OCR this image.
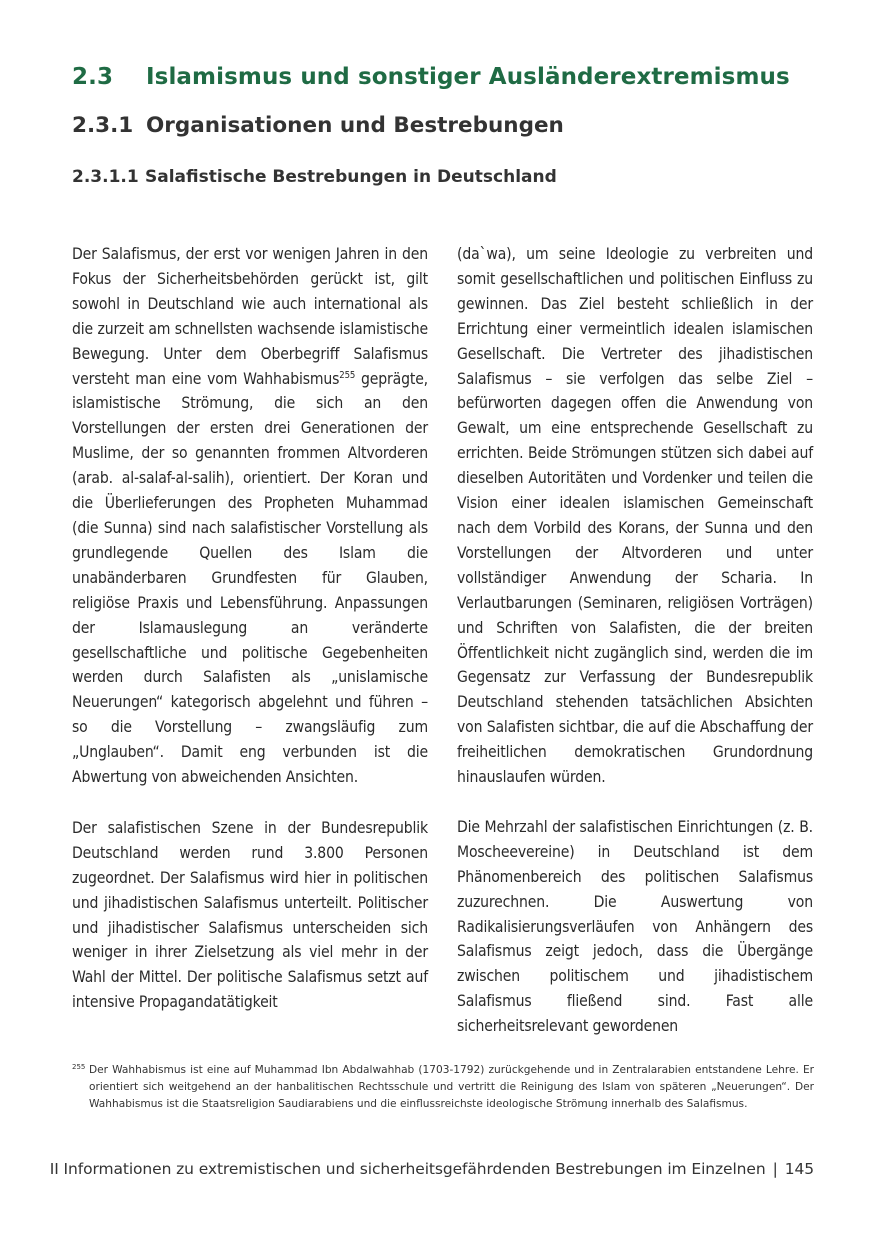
2.3 Islamismus und sonstiger Ausländerextremismus
2.3.1 Organisationen und Bestrebungen
2.3.1.1 Salafistische Bestrebungen in Deutschland

Der Salafismus, der erst vor wenigen Jahren in den Fokus der Sicherheitsbehörden gerückt ist, gilt sowohl in Deutschland wie auch international als die zurzeit am schnellsten wachsende islamistische Bewegung. Unter dem Oberbegriff Salafismus versteht man eine vom Wahhabismus$^{255}$ geprägte, islamistische Strömung, die sich an den Vorstellungen der ersten drei Generationen der Muslime, der so genannten frommen Altvorderen (arab. al-salaf-al-salih), orientiert. Der Koran und die Überlieferungen des Propheten Muhammad (die Sunna) sind nach salafistischer Vorstellung als grundlegende Quellen des Islam die unabänderbaren Grundfesten für Glauben, religiöse Praxis und Lebensführung. Anpassungen der Islamauslegung an veränderte gesellschaftliche und politische Gegebenheiten werden durch Salafisten als „unislamische Neuerungen“ kategorisch abgelehnt und führen – so die Vorstellung – zwangsläufig zum „Unglauben“. Damit eng verbunden ist die Abwertung von abweichenden Ansichten.

Der salafistischen Szene in der Bundesrepublik Deutschland werden rund 3.800 Personen zugeordnet. Der Salafismus wird hier in politischen und jihadistischen Salafismus unterteilt. Politischer und jihadistischer Salafismus unterscheiden sich weniger in ihrer Zielsetzung als viel mehr in der Wahl der Mittel. Der politische Salafismus setzt auf intensive Propagandatätigkeit

(da`wa), um seine Ideologie zu verbreiten und somit gesellschaftlichen und politischen Einfluss zu gewinnen. Das Ziel besteht schließlich in der Errichtung einer vermeintlich idealen islamischen Gesellschaft. Die Vertreter des jihadistischen Salafismus – sie verfolgen das selbe Ziel – befürworten dagegen offen die Anwendung von Gewalt, um eine entsprechende Gesellschaft zu errichten. Beide Strömungen stützen sich dabei auf dieselben Autoritäten und Vordenker und teilen die Vision einer idealen islamischen Gemeinschaft nach dem Vorbild des Korans, der Sunna und den Vorstellungen der Altvorderen und unter vollständiger Anwendung der Scharia. In Verlautbarungen (Seminaren, religiösen Vorträgen) und Schriften von Salafisten, die der breiten Öffentlichkeit nicht zugänglich sind, werden die im Gegensatz zur Verfassung der Bundesrepublik Deutschland stehenden tatsächlichen Absichten von Salafisten sichtbar, die auf die Abschaffung der freiheitlichen demokratischen Grundordnung hinauslaufen würden.

Die Mehrzahl der salafistischen Einrichtungen (z. B. Moscheevereine) in Deutschland ist dem Phänomenbereich des politischen Salafismus zuzurechnen. Die Auswertung von Radikalisierungsverläufen von Anhängern des Salafismus zeigt jedoch, dass die Übergänge zwischen politischem und jihadistischem Salafismus fließend sind. Fast alle sicherheitsrelevant gewordenen

255 Der Wahhabismus ist eine auf Muhammad Ibn Abdalwahhab (1703-1792) zurückgehende und in Zentralarabien entstandene Lehre. Er orientiert sich weitgehend an der hanbalitischen Rechtsschule und vertritt die Reinigung des Islam von späteren „Neuerungen“. Der Wahhabismus ist die Staatsreligion Saudiarabiens und die einflussreichste ideologische Strömung innerhalb des Salafismus.
II Informationen zu extremistischen und sicherheitsgefährdenden Bestrebungen im Einzelnen | 145
